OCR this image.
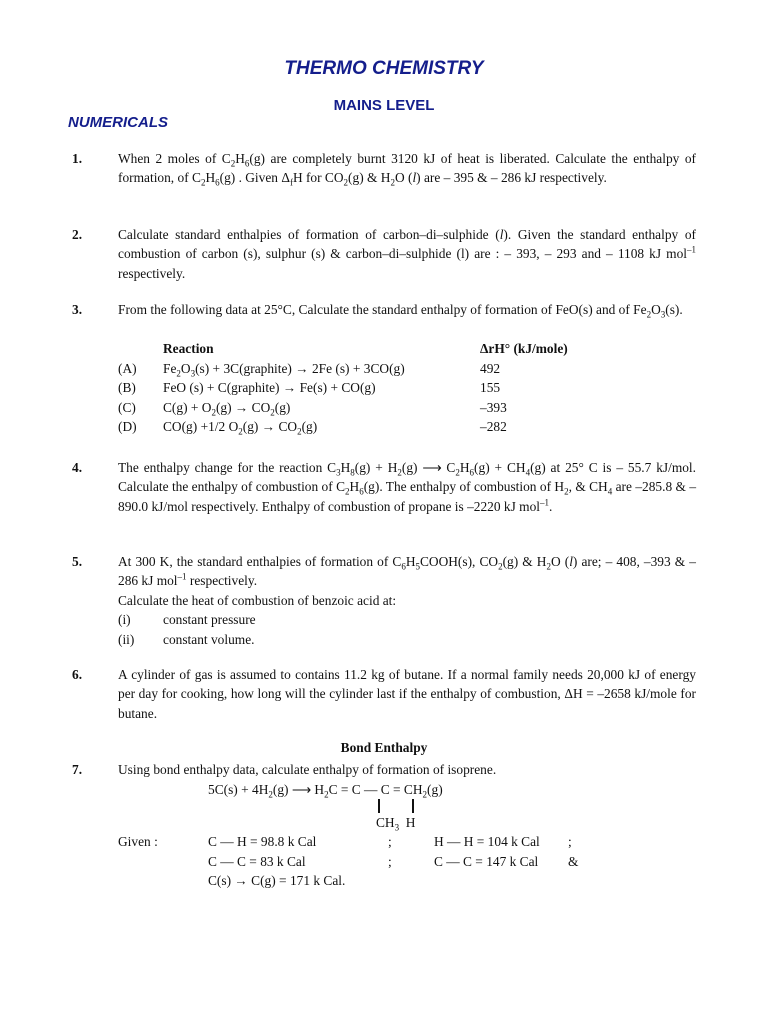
THERMO CHEMISTRY
MAINS LEVEL
NUMERICALS
1.	When 2 moles of $C_2H_6(g)$ are completely burnt 3120 kJ of heat is liberated. Calculate the enthalpy of formation, of $C_2H_6(g)$ . Given $\Delta_fH$ for $CO_2(g)$ & $H_2O$ (l) are – 395 & – 286 kJ respectively.

2.	Calculate standard enthalpies of formation of carbon–di–sulphide (l). Given the standard enthalpy of combustion of carbon (s), sulphur (s) & carbon–di–sulphide (l) are : – 393, – 293 and – 1108 kJ mol$^{-1}$ respectively.

3.	From the following data at 25°C, Calculate the standard enthalpy of formation of FeO(s) and of $Fe_2O_3(s)$.

Reaction	ΔrH° (kJ/mole)
(A) $Fe_2O_3(s)$ + 3C(graphite) → 2Fe (s) + 3CO(g)	492
(B) FeO (s) + C(graphite) → Fe(s) + CO(g)	155
(C) $C(g) + O_2(g) \to CO_2(g)$	–393
(D) CO(g) +1/2 $O_2(g) \to CO_2(g)$	–282
4.	The enthalpy change for the reaction $C_3H_8(g) + H_2(g)$ ⟶ $C_2H_6(g) + CH_4(g)$ at 25° C is – 55.7 kJ/mol. Calculate the enthalpy of combustion of $C_2H_6(g)$. The enthalpy of combustion of $H_2$, & $CH_4$ are –285.8 & –890.0 kJ/mol respectively. Enthalpy of combustion of propane is –2220 kJ mol$^{-1}$.

5.	At 300 K, the standard enthalpies of formation of $C_6H_5COOH(s)$, $CO_2(g)$ & $H_2O$ (l) are; – 408, –393 & –286 kJ mol$^{-1}$ respectively.

Calculate the heat of combustion of benzoic acid at:

(i) constant pressure
(ii) constant volume.
6.	A cylinder of gas is assumed to contains 11.2 kg of butane. If a normal family needs 20,000 kJ of energy per day for cooking, how long will the cylinder last if the enthalpy of combustion, ΔH = –2658 kJ/mole for butane.

Bond Enthalpy
7.	Using bond enthalpy data, calculate enthalpy of formation of isoprene.
$5C(s) + 4H_2(g)$ ⟶ $H_2C = C$ — $C = CH_2(g)$
$CH_3$  H
Given :	C — H = 98.8 k Cal	;	H — H = 104 k Cal ;
C — C = 83 k Cal	;	C — C = 147 k Cal &
C(s) → C(g) = 171 k Cal.
